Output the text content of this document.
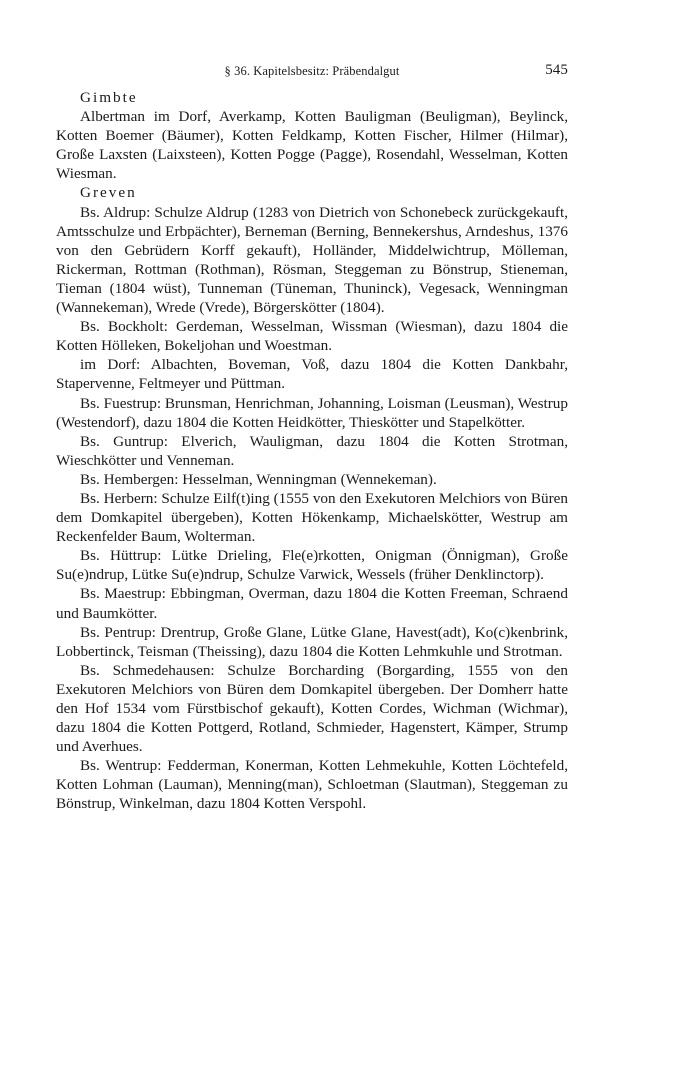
§ 36. Kapitelsbesitz: Präbendalgut	545

Gimbte

Albertman im Dorf, Averkamp, Kotten Bauligman (Beuligman), Beylinck, Kotten Boemer (Bäumer), Kotten Feldkamp, Kotten Fischer, Hilmer (Hilmar), Große Laxsten (Laixsteen), Kotten Pogge (Pagge), Rosendahl, Wesselman, Kotten Wiesman.

Greven

Bs. Aldrup: Schulze Aldrup (1283 von Dietrich von Schonebeck zurückgekauft, Amtsschulze und Erbpächter), Berneman (Berning, Bennekershus, Arndeshus, 1376 von den Gebrüdern Korff gekauft), Holländer, Middelwichtrup, Mölleman, Rickerman, Rottman (Rothman), Rösman, Steggeman zu Bönstrup, Stieneman, Tieman (1804 wüst), Tunneman (Tüneman, Thuninck), Vegesack, Wenningman (Wannekeman), Wrede (Vrede), Börgerskötter (1804).

Bs. Bockholt: Gerdeman, Wesselman, Wissman (Wiesman), dazu 1804 die Kotten Hölleken, Bokeljohan und Woestman.

im Dorf: Albachten, Boveman, Voß, dazu 1804 die Kotten Dankbahr, Stapervenne, Feltmeyer und Püttman.

Bs. Fuestrup: Brunsman, Henrichman, Johanning, Loisman (Leusman), Westrup (Westendorf), dazu 1804 die Kotten Heidkötter, Thieskötter und Stapelkötter.

Bs. Guntrup: Elverich, Wauligman, dazu 1804 die Kotten Strotman, Wieschkötter und Venneman.

Bs. Hembergen: Hesselman, Wenningman (Wennekeman).

Bs. Herbern: Schulze Eilf(t)ing (1555 von den Exekutoren Melchiors von Büren dem Domkapitel übergeben), Kotten Hökenkamp, Michaelskötter, Westrup am Reckenfelder Baum, Wolterman.

Bs. Hüttrup: Lütke Drieling, Fle(e)rkotten, Onigman (Önnigman), Große Su(e)ndrup, Lütke Su(e)ndrup, Schulze Varwick, Wessels (früher Denklinctorp).

Bs. Maestrup: Ebbingman, Overman, dazu 1804 die Kotten Freeman, Schraend und Baumkötter.

Bs. Pentrup: Drentrup, Große Glane, Lütke Glane, Havest(adt), Ko(c)kenbrink, Lobbertinck, Teisman (Theissing), dazu 1804 die Kotten Lehmkuhle und Strotman.

Bs. Schmedehausen: Schulze Borcharding (Borgarding, 1555 von den Exekutoren Melchiors von Büren dem Domkapitel übergeben. Der Domherr hatte den Hof 1534 vom Fürstbischof gekauft), Kotten Cordes, Wichman (Wichmar), dazu 1804 die Kotten Pottgerd, Rotland, Schmieder, Hagenstert, Kämper, Strump und Averhues.

Bs. Wentrup: Fedderman, Konerman, Kotten Lehmekuhle, Kotten Löchtefeld, Kotten Lohman (Lauman), Menning(man), Schloetman (Slautman), Steggeman zu Bönstrup, Winkelman, dazu 1804 Kotten Verspohl.
